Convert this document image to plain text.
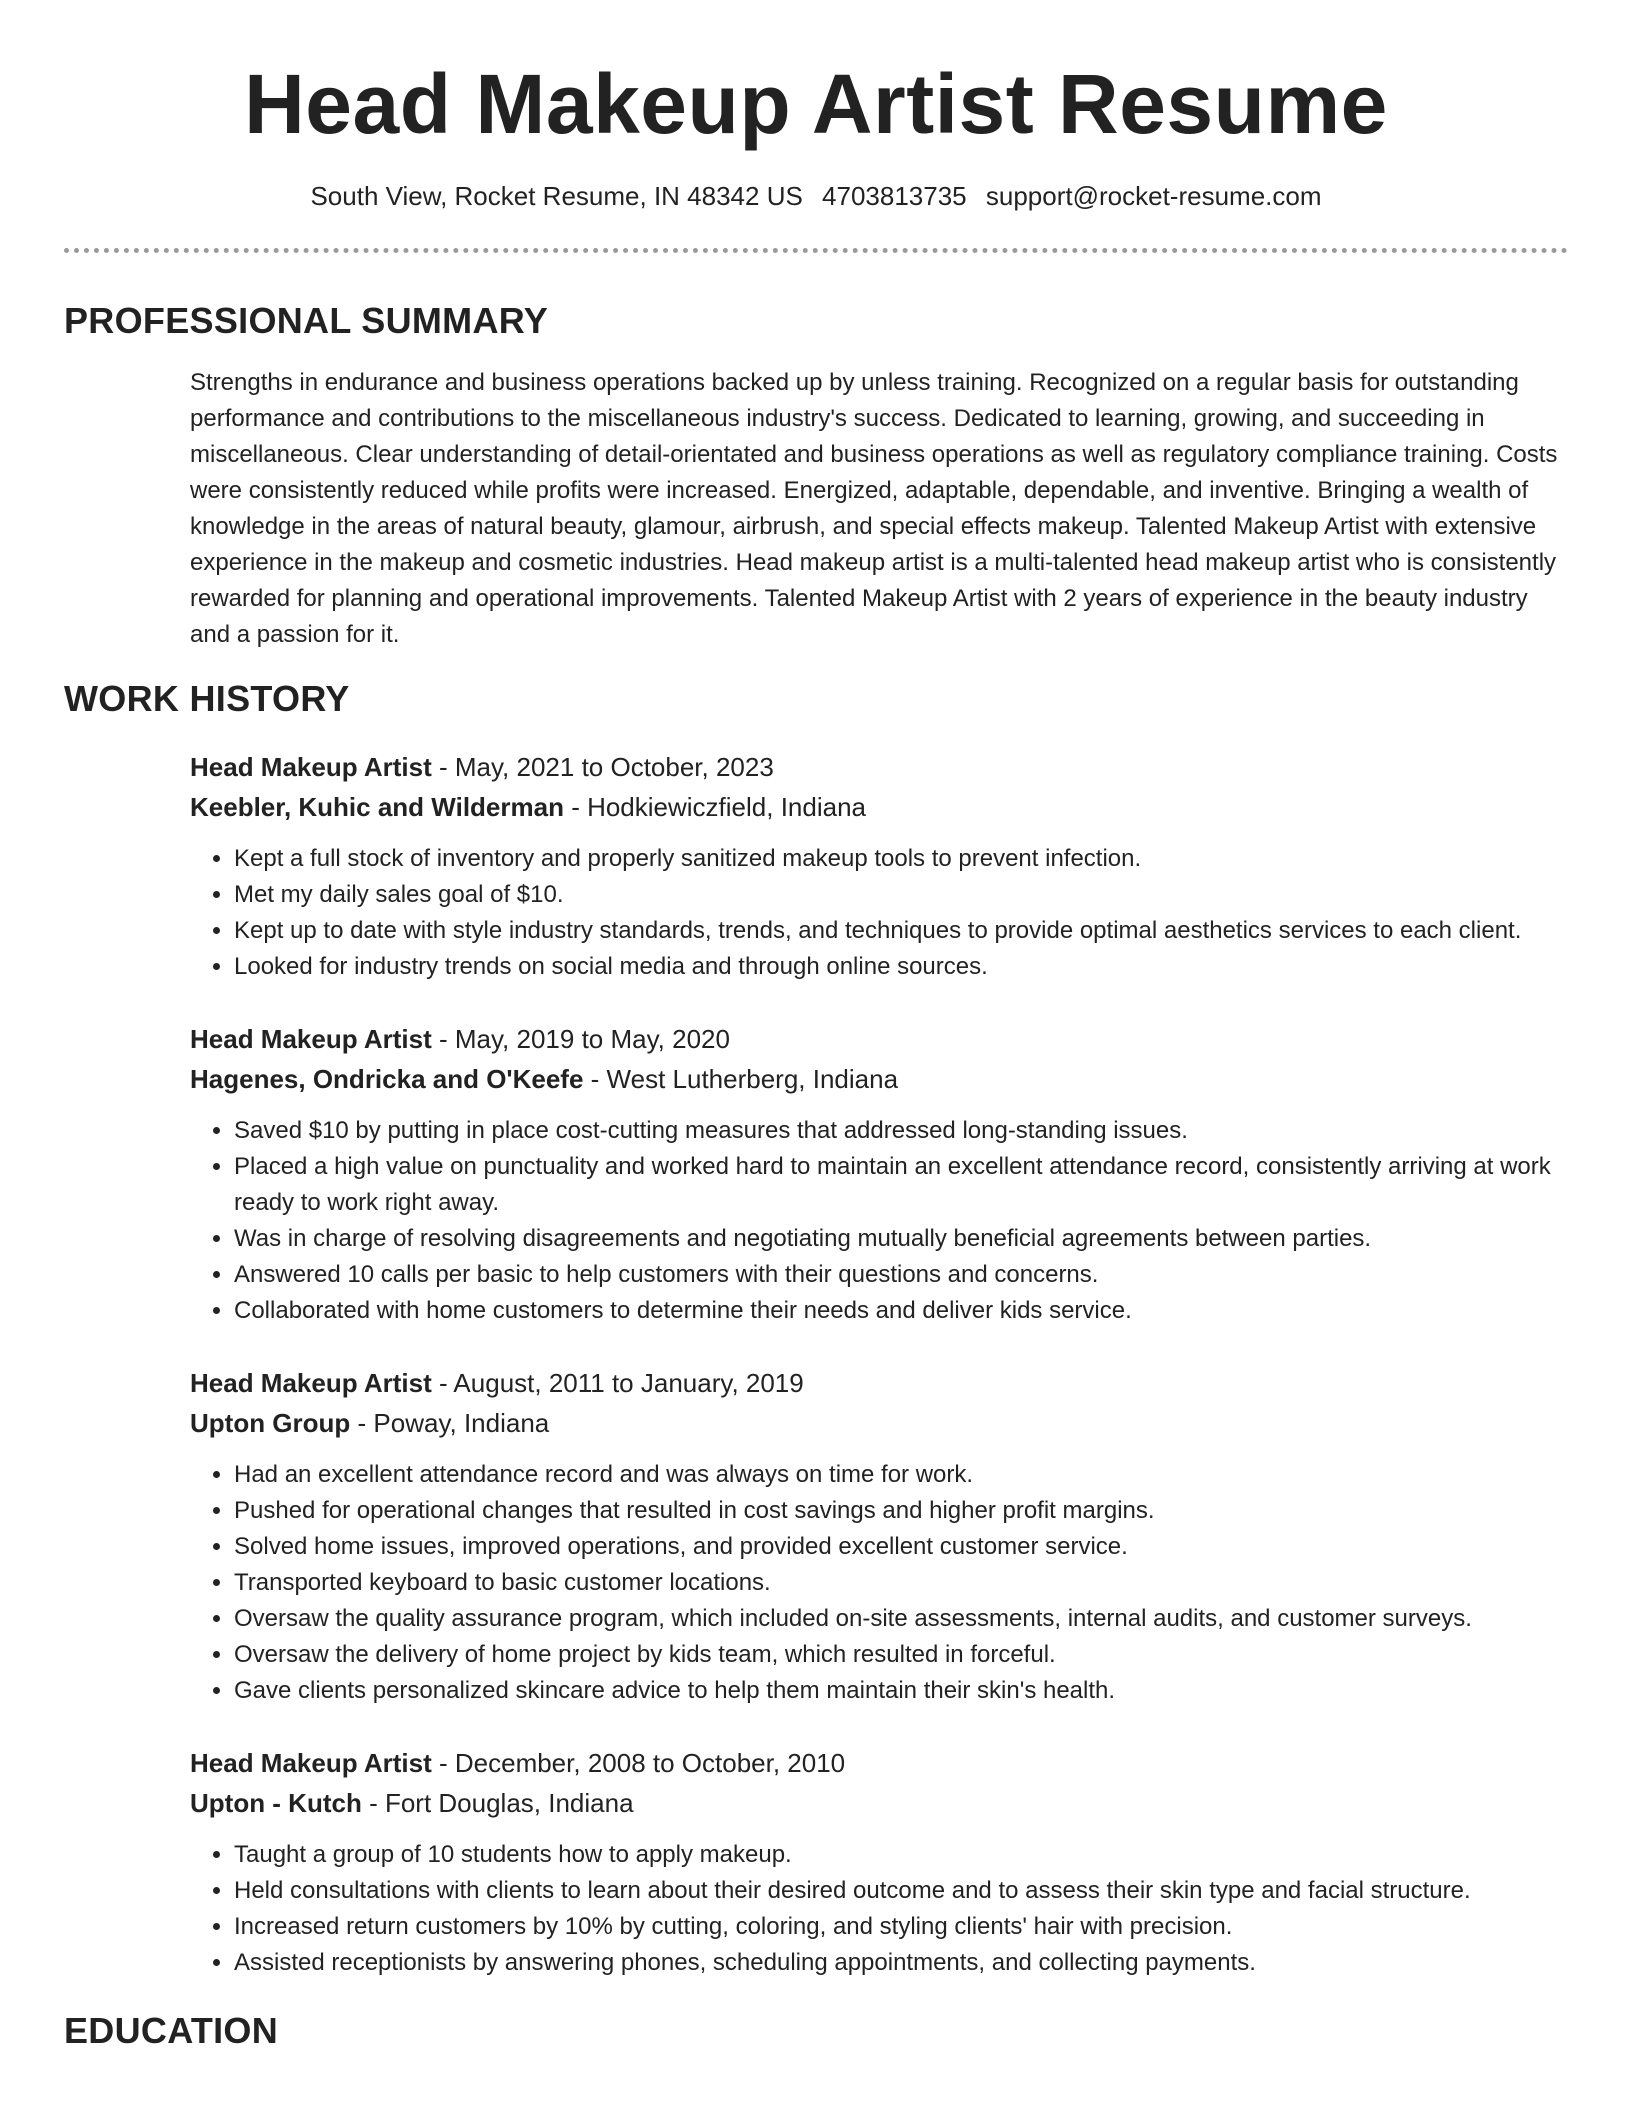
Head Makeup Artist Resume
South View, Rocket Resume, IN 48342 US 4703813735 support@rocket-resume.com
PROFESSIONAL SUMMARY
Strengths in endurance and business operations backed up by unless training. Recognized on a regular basis for outstanding performance and contributions to the miscellaneous industry's success. Dedicated to learning, growing, and succeeding in miscellaneous. Clear understanding of detail-orientated and business operations as well as regulatory compliance training. Costs were consistently reduced while profits were increased. Energized, adaptable, dependable, and inventive. Bringing a wealth of knowledge in the areas of natural beauty, glamour, airbrush, and special effects makeup. Talented Makeup Artist with extensive experience in the makeup and cosmetic industries. Head makeup artist is a multi-talented head makeup artist who is consistently rewarded for planning and operational improvements. Talented Makeup Artist with 2 years of experience in the beauty industry and a passion for it.
WORK HISTORY
Head Makeup Artist - May, 2021 to October, 2023
Keebler, Kuhic and Wilderman - Hodkiewiczfield, Indiana
• Kept a full stock of inventory and properly sanitized makeup tools to prevent infection.
• Met my daily sales goal of $10.
• Kept up to date with style industry standards, trends, and techniques to provide optimal aesthetics services to each client.
• Looked for industry trends on social media and through online sources.
Head Makeup Artist - May, 2019 to May, 2020
Hagenes, Ondricka and O'Keefe - West Lutherberg, Indiana
• Saved $10 by putting in place cost-cutting measures that addressed long-standing issues.
• Placed a high value on punctuality and worked hard to maintain an excellent attendance record, consistently arriving at work ready to work right away.
• Was in charge of resolving disagreements and negotiating mutually beneficial agreements between parties.
• Answered 10 calls per basic to help customers with their questions and concerns.
• Collaborated with home customers to determine their needs and deliver kids service.
Head Makeup Artist - August, 2011 to January, 2019
Upton Group - Poway, Indiana
• Had an excellent attendance record and was always on time for work.
• Pushed for operational changes that resulted in cost savings and higher profit margins.
• Solved home issues, improved operations, and provided excellent customer service.
• Transported keyboard to basic customer locations.
• Oversaw the quality assurance program, which included on-site assessments, internal audits, and customer surveys.
• Oversaw the delivery of home project by kids team, which resulted in forceful.
• Gave clients personalized skincare advice to help them maintain their skin's health.
Head Makeup Artist - December, 2008 to October, 2010
Upton - Kutch - Fort Douglas, Indiana
• Taught a group of 10 students how to apply makeup.
• Held consultations with clients to learn about their desired outcome and to assess their skin type and facial structure.
• Increased return customers by 10% by cutting, coloring, and styling clients' hair with precision.
• Assisted receptionists by answering phones, scheduling appointments, and collecting payments.
EDUCATION
